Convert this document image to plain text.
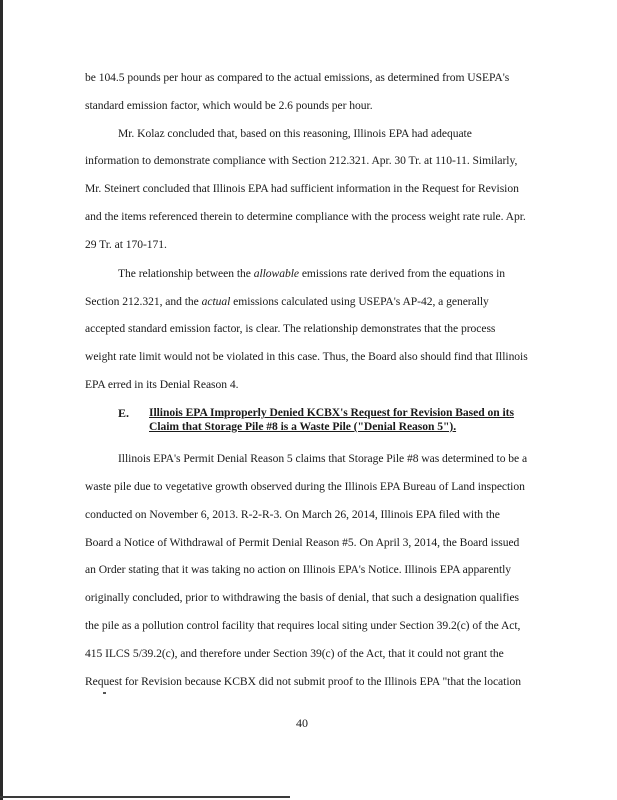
be 104.5 pounds per hour as compared to the actual emissions, as determined from USEPA's
standard emission factor, which would be 2.6 pounds per hour.
Mr. Kolaz concluded that, based on this reasoning, Illinois EPA had adequate
information to demonstrate compliance with Section 212.321. Apr. 30 Tr. at 110-11. Similarly,
Mr. Steinert concluded that Illinois EPA had sufficient information in the Request for Revision
and the items referenced therein to determine compliance with the process weight rate rule. Apr.
29 Tr. at 170-171.
The relationship between the allowable emissions rate derived from the equations in
Section 212.321, and the actual emissions calculated using USEPA's AP-42, a generally
accepted standard emission factor, is clear. The relationship demonstrates that the process
weight rate limit would not be violated in this case. Thus, the Board also should find that Illinois
EPA erred in its Denial Reason 4.
E. Illinois EPA Improperly Denied KCBX's Request for Revision Based on its
Claim that Storage Pile #8 is a Waste Pile ("Denial Reason 5").
Illinois EPA's Permit Denial Reason 5 claims that Storage Pile #8 was determined to be a
waste pile due to vegetative growth observed during the Illinois EPA Bureau of Land inspection
conducted on November 6, 2013. R-2-R-3. On March 26, 2014, Illinois EPA filed with the
Board a Notice of Withdrawal of Permit Denial Reason #5. On April 3, 2014, the Board issued
an Order stating that it was taking no action on Illinois EPA's Notice. Illinois EPA apparently
originally concluded, prior to withdrawing the basis of denial, that such a designation qualifies
the pile as a pollution control facility that requires local siting under Section 39.2(c) of the Act,
415 ILCS 5/39.2(c), and therefore under Section 39(c) of the Act, that it could not grant the
Request for Revision because KCBX did not submit proof to the Illinois EPA "that the location
40
